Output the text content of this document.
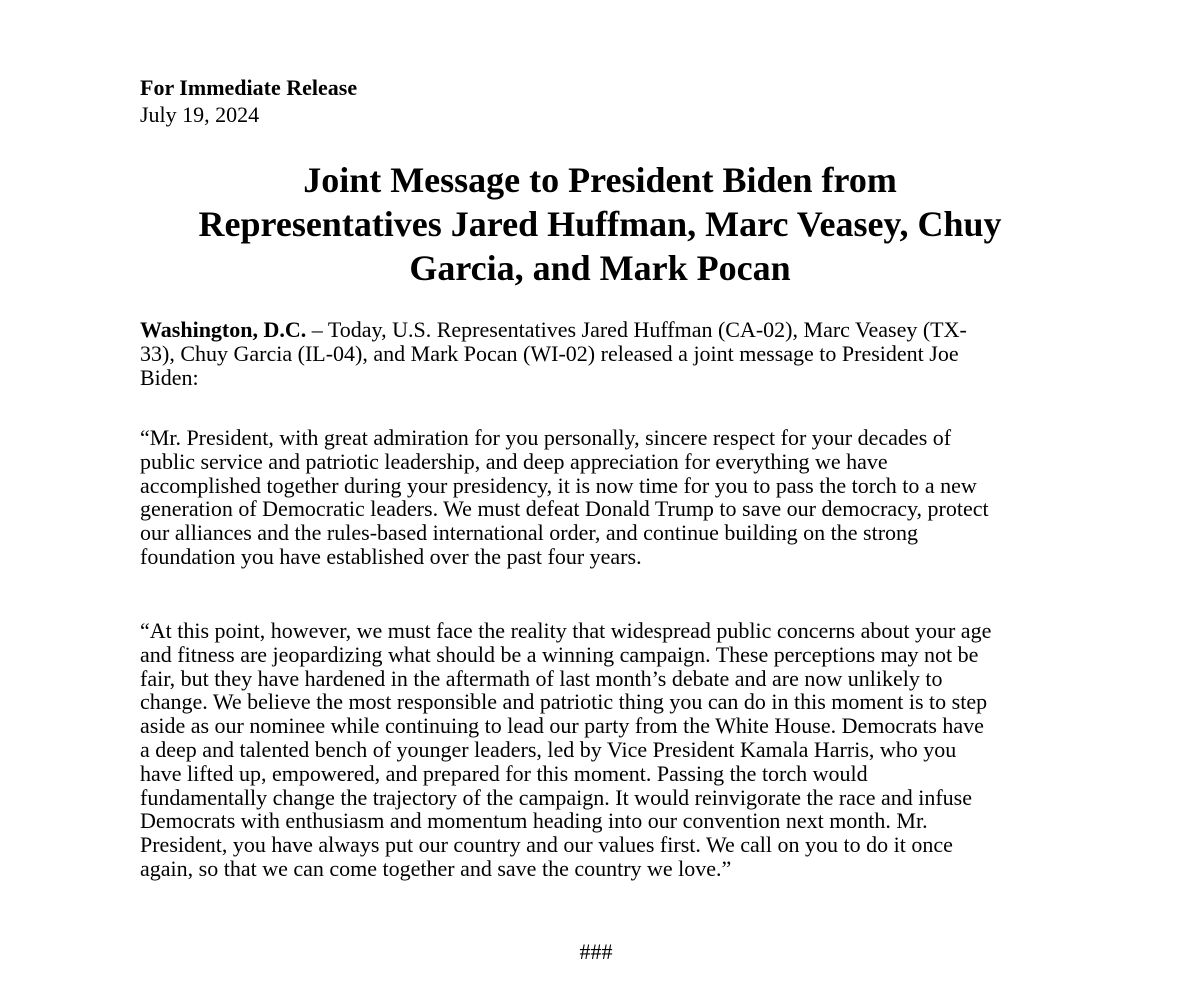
For Immediate Release
July 19, 2024
Joint Message to President Biden from
Representatives Jared Huffman, Marc Veasey, Chuy
Garcia, and Mark Pocan
Washington, D.C. – Today, U.S. Representatives Jared Huffman (CA-02), Marc Veasey (TX-
33), Chuy Garcia (IL-04), and Mark Pocan (WI-02) released a joint message to President Joe
Biden:
“Mr. President, with great admiration for you personally, sincere respect for your decades of
public service and patriotic leadership, and deep appreciation for everything we have
accomplished together during your presidency, it is now time for you to pass the torch to a new
generation of Democratic leaders. We must defeat Donald Trump to save our democracy, protect
our alliances and the rules-based international order, and continue building on the strong
foundation you have established over the past four years.
“At this point, however, we must face the reality that widespread public concerns about your age
and fitness are jeopardizing what should be a winning campaign. These perceptions may not be
fair, but they have hardened in the aftermath of last month’s debate and are now unlikely to
change. We believe the most responsible and patriotic thing you can do in this moment is to step
aside as our nominee while continuing to lead our party from the White House. Democrats have
a deep and talented bench of younger leaders, led by Vice President Kamala Harris, who you
have lifted up, empowered, and prepared for this moment. Passing the torch would
fundamentally change the trajectory of the campaign. It would reinvigorate the race and infuse
Democrats with enthusiasm and momentum heading into our convention next month. Mr.
President, you have always put our country and our values first. We call on you to do it once
again, so that we can come together and save the country we love.”
###
